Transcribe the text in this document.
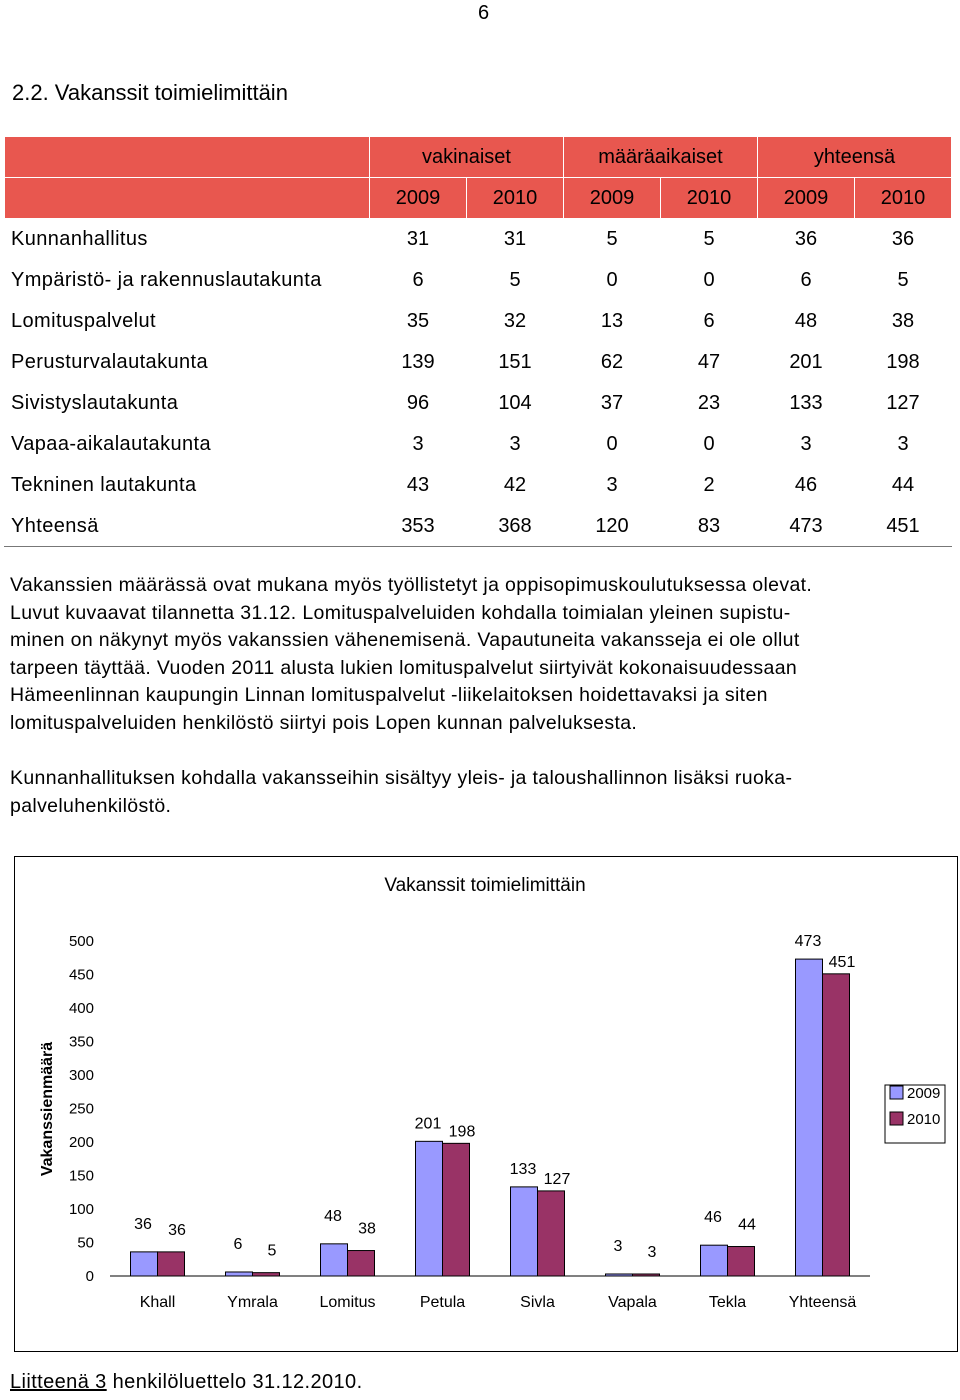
6
2.2. Vakanssit toimielimittäin
	vakinaiset		määräaikaiset		yhteensä	
	2009	2010	2009	2010	2009	2010
Kunnanhallitus	31	31	5	5	36	36
Ympäristö- ja rakennuslautakunta	6	5	0	0	6	5
Lomituspalvelut	35	32	13	6	48	38
Perusturvalautakunta	139	151	62	47	201	198
Sivistyslautakunta	96	104	37	23	133	127
Vapaa-aikalautakunta	3	3	0	0	3	3
Tekninen lautakunta	43	42	3	2	46	44
Yhteensä	353	368	120	83	473	451
Vakanssien määrässä ovat mukana myös työllistetyt ja oppisopimuskoulutuksessa olevat.
Luvut kuvaavat tilannetta 31.12. Lomituspalveluiden kohdalla toimialan yleinen supistu-
minen on näkynyt myös vakanssien vähenemisenä. Vapautuneita vakansseja ei ole ollut
tarpeen täyttää. Vuoden 2011 alusta lukien lomituspalvelut siirtyivät kokonaisuudessaan
Hämeenlinnan kaupungin Linnan lomituspalvelut -liikelaitoksen hoidettavaksi ja siten
lomituspalveluiden henkilöstö siirtyi pois Lopen kunnan palveluksesta.
Kunnanhallituksen kohdalla vakansseihin sisältyy yleis- ja taloushallinnon lisäksi ruoka-
palveluhenkilöstö.
Vakanssit toimielimittäin
0
50
100
150
200
250
300
350
400
450
500
Vakanssienmäärä
36 36
Khall
6 5
Ymrala
48
38
Lomitus
201 198
Petula
133
127
Sivla
3 3
Vapala
46 44
Tekla
473
451
Yhteensä
2009
2010
Liitteenä 3 henkilöluettelo 31.12.2010.
